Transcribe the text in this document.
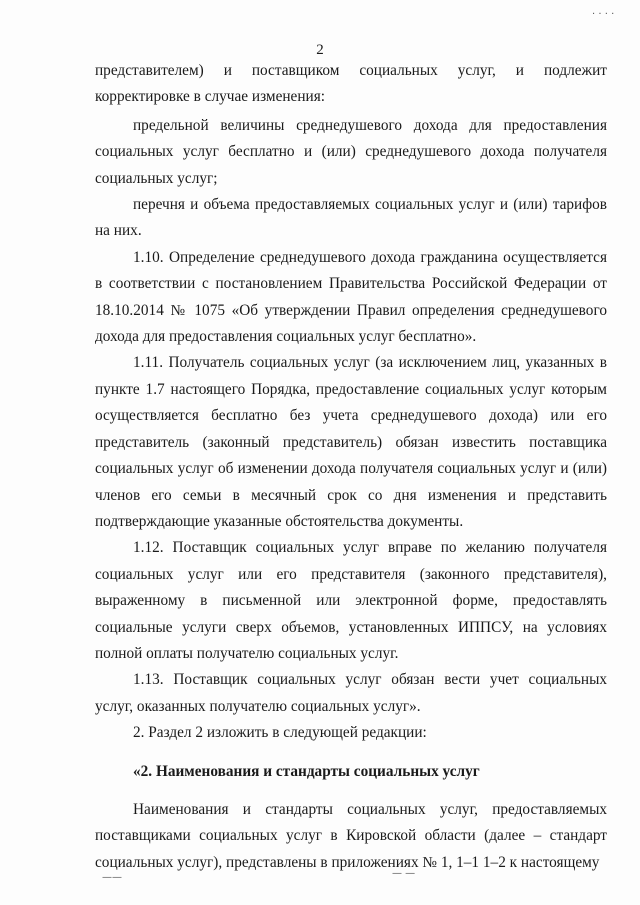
. . . .
2

представителем) и поставщиком социальных услуг, и подлежит корректировке в случае изменения:

предельной величины среднедушевого дохода для предоставления социальных услуг бесплатно и (или) среднедушевого дохода получателя социальных услуг;

перечня и объема предоставляемых социальных услуг и (или) тарифов на них.

1.10. Определение среднедушевого дохода гражданина осуществляется в соответствии с постановлением Правительства Российской Федерации от 18.10.2014 № 1075 «Об утверждении Правил определения среднедушевого дохода для предоставления социальных услуг бесплатно».

1.11. Получатель социальных услуг (за исключением лиц, указанных в пункте 1.7 настоящего Порядка, предоставление социальных услуг которым осуществляется бесплатно без учета среднедушевого дохода) или его представитель (законный представитель) обязан известить поставщика социальных услуг об изменении дохода получателя социальных услуг и (или) членов его семьи в месячный срок со дня изменения и представить подтверждающие указанные обстоятельства документы.

1.12. Поставщик социальных услуг вправе по желанию получателя социальных услуг или его представителя (законного представителя), выраженному в письменной или электронной форме, предоставлять социальные услуги сверх объемов, установленных ИППСУ, на условиях полной оплаты получателю социальных услуг.

1.13. Поставщик социальных услуг обязан вести учет социальных услуг, оказанных получателю социальных услуг».

2. Раздел 2 изложить в следующей редакции:

«2. Наименования и стандарты социальных услуг

Наименования и стандарты социальных услуг, предоставляемых поставщиками социальных услуг в Кировской области (далее – стандарт социальных услуг), представлены в приложениях № 1, 1–1 1–2 к настоящему

——	— —
